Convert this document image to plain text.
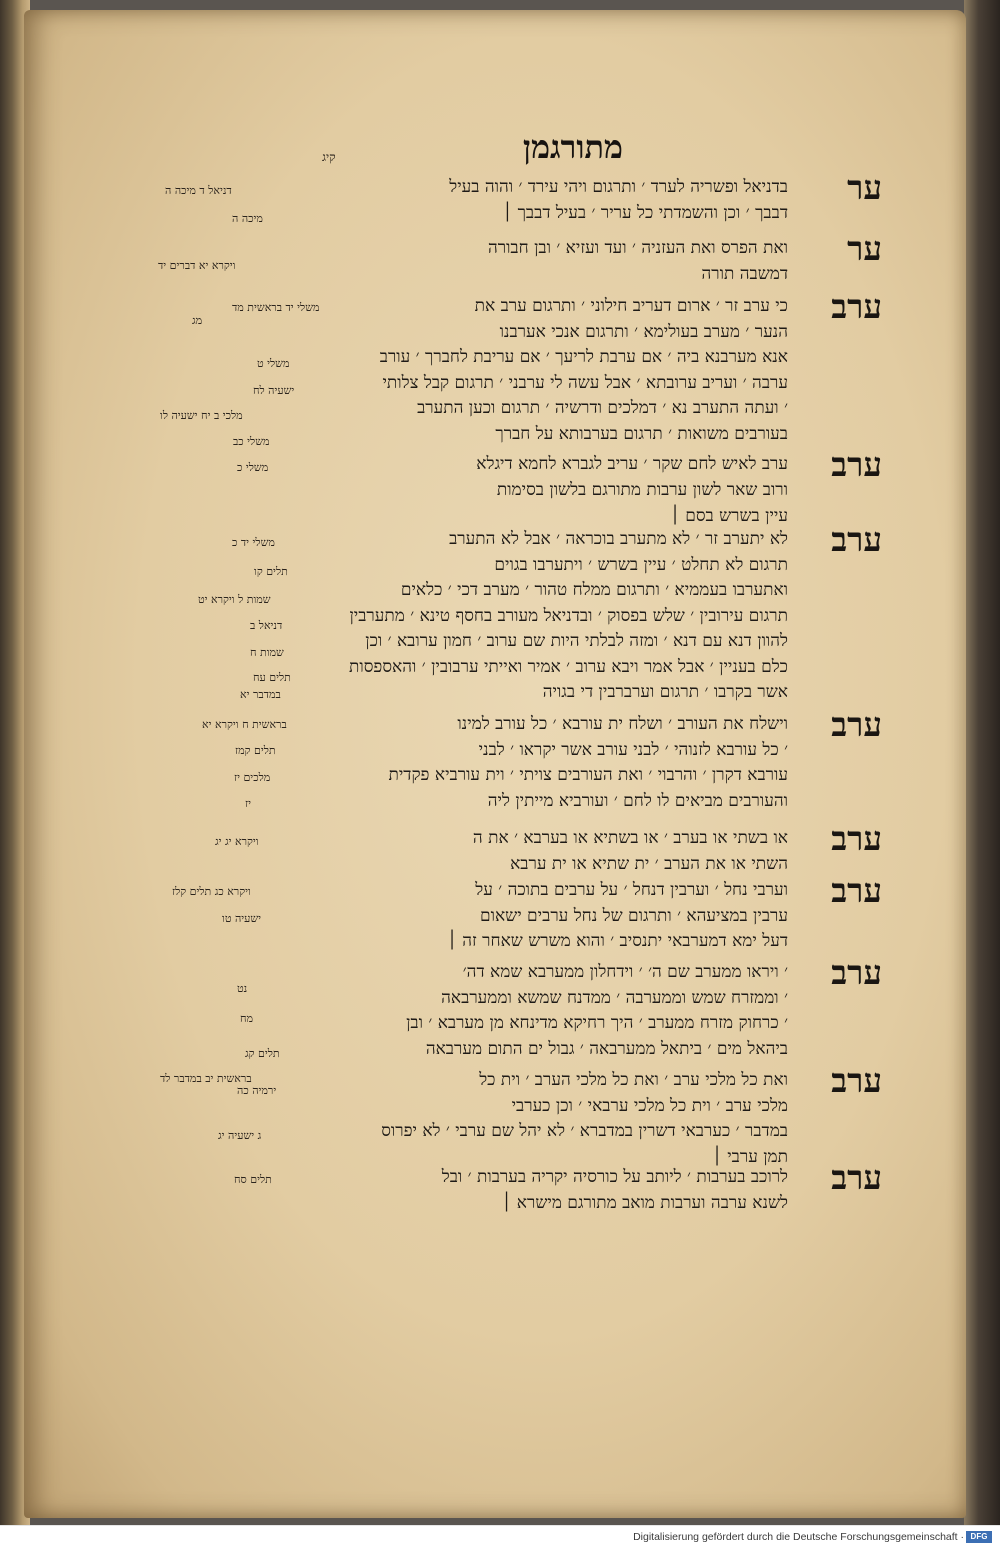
מתורגמן
קיג
ער
בדניאל ופשריה לערד ׳ ותרגום ויהי עירד ׳ והוה בעיל
דבבך ׳ וכן והשמדתי כל עריר ׳ בעיל דבבך ׀
דניאל ד מיכה ה
מיכה ה
ער
ואת הפרס ואת העזניה ׳ ועד ועזיא ׳ ובן חבורה
דמשבה תורה
ויקרא יא דברים יד
ערב
כי ערב זר ׳ ארום דעריב חילוני ׳ ותרגום ערב את
הנער ׳ מערב בעולימא ׳ ותרגום אנכי אערבנו
אנא מערבנא ביה ׳ אם ערבת לריעך ׳ אם עריבת לחברך ׳ עורב
ערבה ׳ ועריב ערובתא ׳ אבל עשה לי ערבני ׳ תרגום קבל צלותי
׳ ועתה התערב נא ׳ דמלכים ודרשיה ׳ תרגום וכען התערב
בעורבים משואות ׳ תרגום בערבותא על חברך
משלי יד בראשית מד
מג
משלי ט
ישעיה לח
מלכי ב יח ישעיה לו
משלי כב
ערב
ערב לאיש לחם שקר ׳ עריב לגברא לחמא דיגלא
ורוב שאר לשון ערבות מתורגם בלשון בסימות
משלי כ
עיין בשרש בסם ׀
ערב
לא יתערב זר ׳ לא מתערב בוכראה ׳ אבל לא התערב
תרגום לא תחלט ׳ עיין בשרש ׳ ויתערבו בגוים
ואתערבו בעממיא ׳ ותרגום ממלח טהור ׳ מערב דכי ׳ כלאים
תרגום עירובין ׳ שלש בפסוק ׳ ובדניאל מעורב בחסף טינא ׳ מתערבין
להוון דנא עם דנא ׳ ומזה לבלתי היות שם ערוב ׳ חמון ערובא ׳ וכן
כלם בעניין ׳ אבל אמר ויבא ערוב ׳ אמיר ואייתי ערבובין ׳ והאספסות
אשר בקרבו ׳ תרגום וערברבין די בגויה
משלי יד כ
תלים קו
שמות ל ויקרא יט
דניאל ב
שמות ח
תלים עח
במדבר יא
ערב
וישלח את העורב ׳ ושלח ית עורבא ׳ כל עורב למינו
׳ כל עורבא לזנוהי ׳ לבני עורב אשר יקראו ׳ לבני
עורבא דקרן ׳ והרבוי ׳ ואת העורבים צויתי ׳ וית עורביא פקדית
והעורבים מביאים לו לחם ׳ ועורביא מייתין ליה
בראשית ח ויקרא יא
תלים קמז
מלכים יז
יז
ערב
או בשתי או בערב ׳ או בשתיא או בערבא ׳ את ה
השתי או את הערב ׳ ית שתיא או ית ערבא
ויקרא יג יג
ערב
וערבי נחל ׳ וערבין דנחל ׳ על ערבים בתוכה ׳ על
ערבין במציעהא ׳ ותרגום של נחל ערבים ישאום
דעל ימא דמערבאי יתנסיב ׳ והוא משרש שאחר זה ׀
ויקרא כג תלים קלז
ישעיה טו
ערב
׳ ויראו ממערב שם ה׳ ׳ וידחלון ממערבא שמא דה׳
׳ וממזרח שמש וממערבה ׳ ממדנח שמשא וממערבאה
׳ כרחוק מזרח ממערב ׳ היך רחיקא מדינחא מן מערבא ׳ ובן
ביהאל מים ׳ ביתאל ממערבאה ׳ גבול ים התום מערבאה
נט
מח
תלים קג
בראשית יב במדבר לד	ערב
ואת כל מלכי ערב ׳ ואת כל מלכי הערב ׳ וית כל
מלכי ערב ׳ וית כל מלכי ערבאי ׳ וכן כערבי
במדבר ׳ כערבאי דשרין במדברא ׳ לא יהל שם ערבי ׳ לא יפרוס
תמן ערבי ׀
ירמיה כה
ג ישעיה יג
ערב
לרוכב בערבות ׳ ליותב על כורסיה יקריה בערבות ׳ ובל
לשנא ערבה וערבות מואב מתורגם מישרא ׀
תלים סח
Digitalisierung gefördert durch die Deutsche Forschungsgemeinschaft · DFG
